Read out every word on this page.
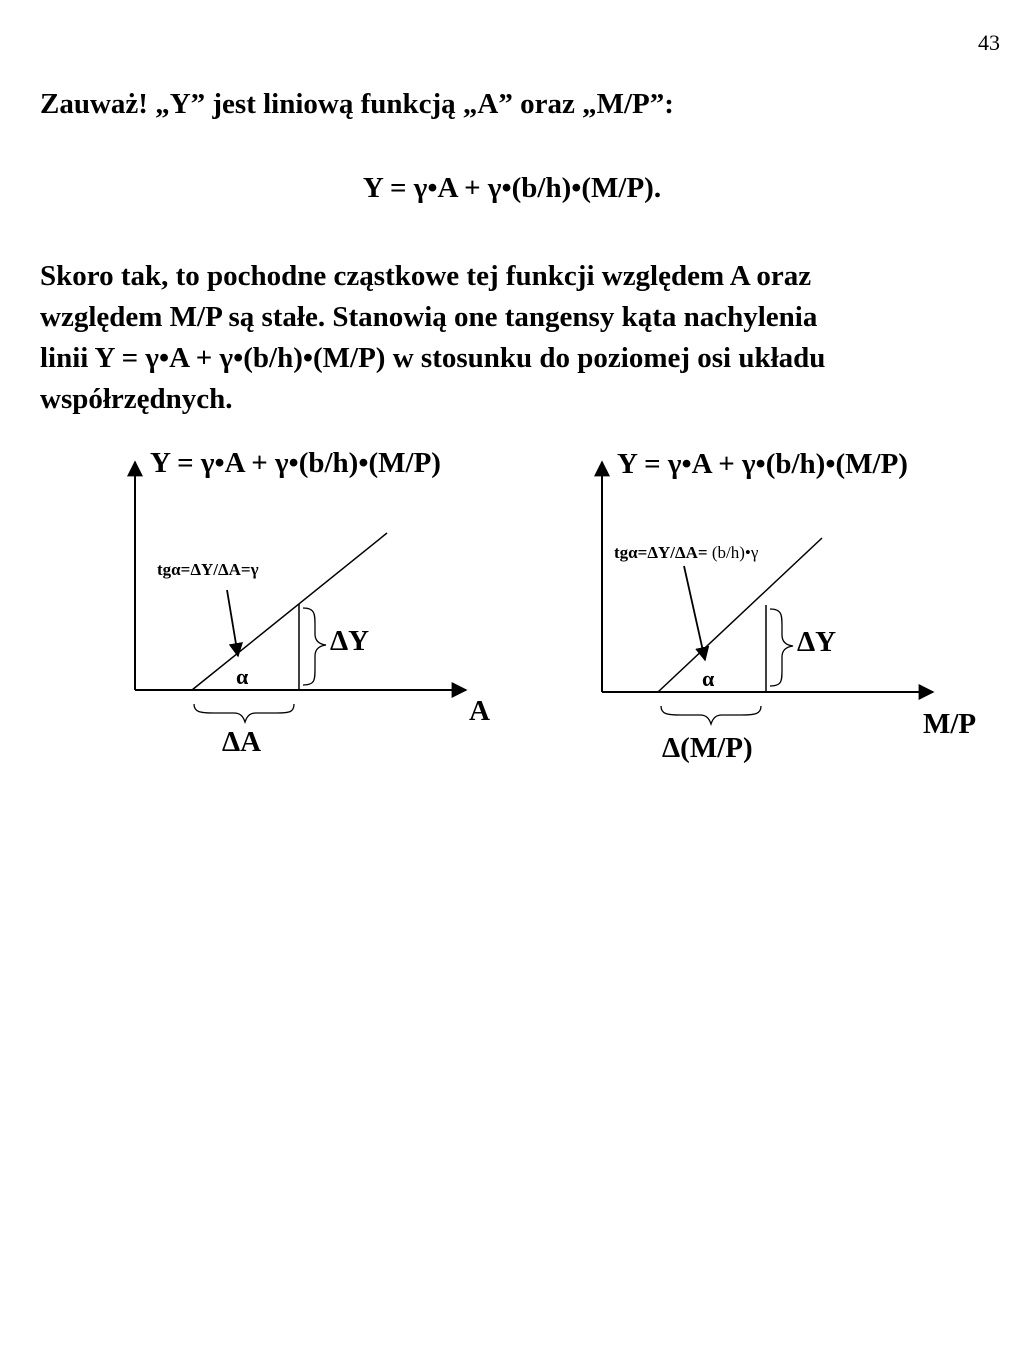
43
Zauważ! „Y” jest liniową funkcją „A” oraz „M/P”:
Y = γ•A + γ•(b/h)•(M/P).
Skoro tak, to pochodne cząstkowe tej funkcji względem A oraz
względem M/P są stałe. Stanowią one tangensy kąta nachylenia
linii Y = γ•A + γ•(b/h)•(M/P) w stosunku do poziomej osi układu
współrzędnych.
Y = γ•A + γ•(b/h)•(M/P)
tgα=ΔY/ΔA=γ
α
ΔY
A
ΔA
Y = γ•A + γ•(b/h)•(M/P)
tgα=ΔY/ΔA= (b/h)•γ
α
ΔY
M/P
Δ(M/P)
